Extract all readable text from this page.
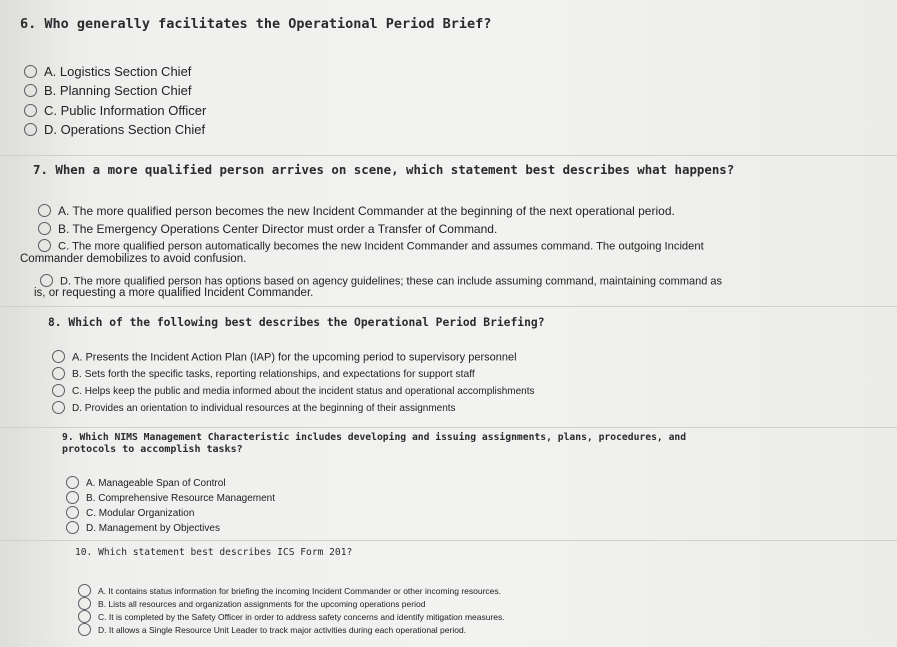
6. Who generally facilitates the Operational Period Brief?
A. Logistics Section Chief
B. Planning Section Chief
C. Public Information Officer
D. Operations Section Chief
7. When a more qualified person arrives on scene, which statement best describes what happens?
A. The more qualified person becomes the new Incident Commander at the beginning of the next operational period.
B. The Emergency Operations Center Director must order a Transfer of Command.
C. The more qualified person automatically becomes the new Incident Commander and assumes command. The outgoing Incident
Commander demobilizes to avoid confusion.
D. The more qualified person has options based on agency guidelines; these can include assuming command, maintaining command as
is, or requesting a more qualified Incident Commander.
8. Which of the following best describes the Operational Period Briefing?
A. Presents the Incident Action Plan (IAP) for the upcoming period to supervisory personnel
B. Sets forth the specific tasks, reporting relationships, and expectations for support staff
C. Helps keep the public and media informed about the incident status and operational accomplishments
D. Provides an orientation to individual resources at the beginning of their assignments
9. Which NIMS Management Characteristic includes developing and issuing assignments, plans, procedures, and
protocols to accomplish tasks?
A. Manageable Span of Control
B. Comprehensive Resource Management
C. Modular Organization
D. Management by Objectives
10. Which statement best describes ICS Form 201?
A. It contains status information for briefing the incoming Incident Commander or other incoming resources.
B. Lists all resources and organization assignments for the upcoming operations period
C. It is completed by the Safety Officer in order to address safety concerns and identify mitigation measures.
D. It allows a Single Resource Unit Leader to track major activities during each operational period.
